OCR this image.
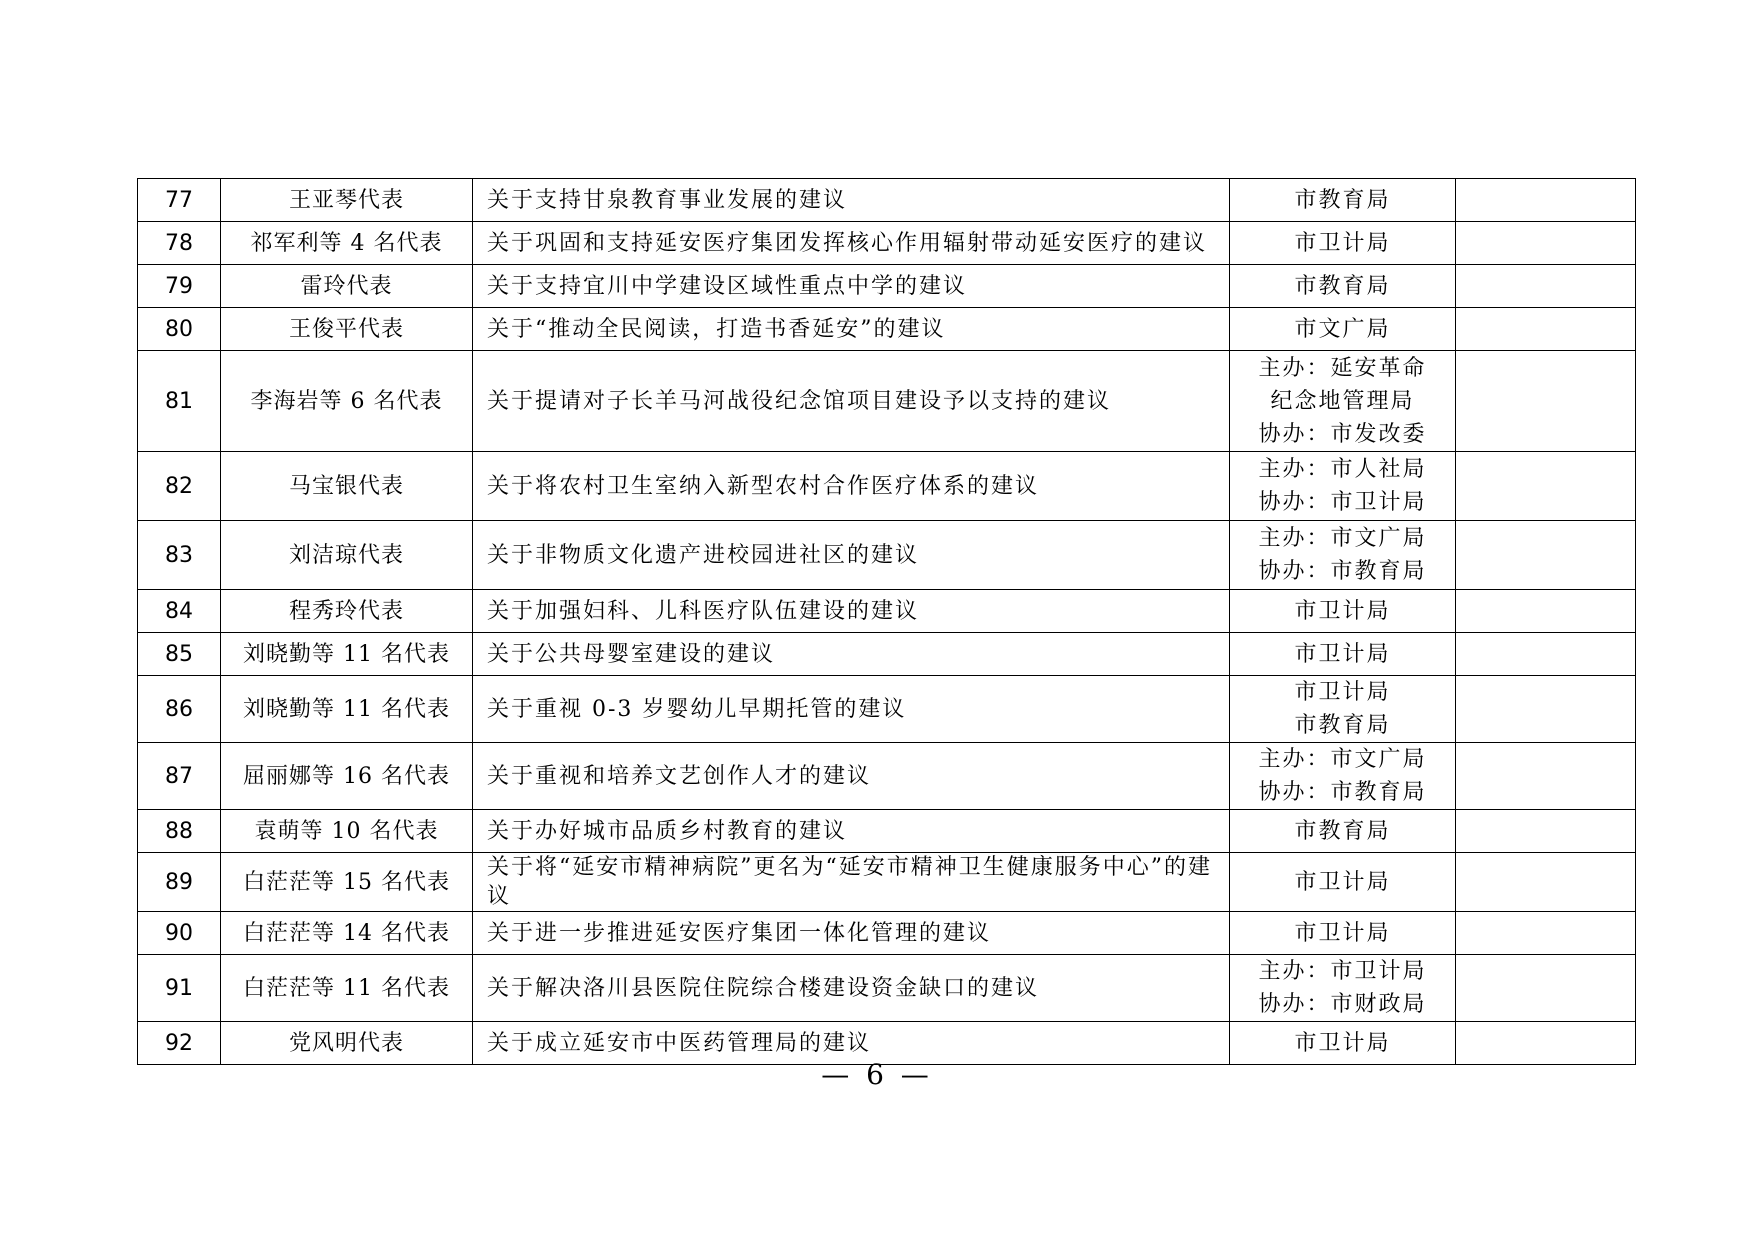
77	王亚琴代表	关于支持甘泉教育事业发展的建议	市教育局	

78	祁军利等 4 名代表	关于巩固和支持延安医疗集团发挥核心作用辐射带动延安医疗的建议	市卫计局	

79	雷玲代表	关于支持宜川中学建设区域性重点中学的建议	市教育局	

80	王俊平代表	关于“推动全民阅读，打造书香延安”的建议	市文广局	

81	李海岩等 6 名代表	关于提请对子长羊马河战役纪念馆项目建设予以支持的建议	主办：延安革命
纪念地管理局
协办：市发改委	

82	马宝银代表	关于将农村卫生室纳入新型农村合作医疗体系的建议	主办：市人社局
协办：市卫计局	

83	刘洁琼代表	关于非物质文化遗产进校园进社区的建议	主办：市文广局
协办：市教育局	

84	程秀玲代表	关于加强妇科、儿科医疗队伍建设的建议	市卫计局	

85	刘晓勤等 11 名代表	关于公共母婴室建设的建议	市卫计局	

86	刘晓勤等 11 名代表	关于重视 0-3 岁婴幼儿早期托管的建议	市卫计局
市教育局	

87	屈丽娜等 16 名代表	关于重视和培养文艺创作人才的建议	主办：市文广局
协办：市教育局	

88	袁萌等 10 名代表	关于办好城市品质乡村教育的建议	市教育局	

89	白茫茫等 15 名代表	关于将“延安市精神病院”更名为“延安市精神卫生健康服务中心”的建议	市卫计局	

90	白茫茫等 14 名代表	关于进一步推进延安医疗集团一体化管理的建议	市卫计局	

91	白茫茫等 11 名代表	关于解决洛川县医院住院综合楼建设资金缺口的建议	主办：市卫计局
协办：市财政局	

92	党风明代表	关于成立延安市中医药管理局的建议	市卫计局	

— 6 —
